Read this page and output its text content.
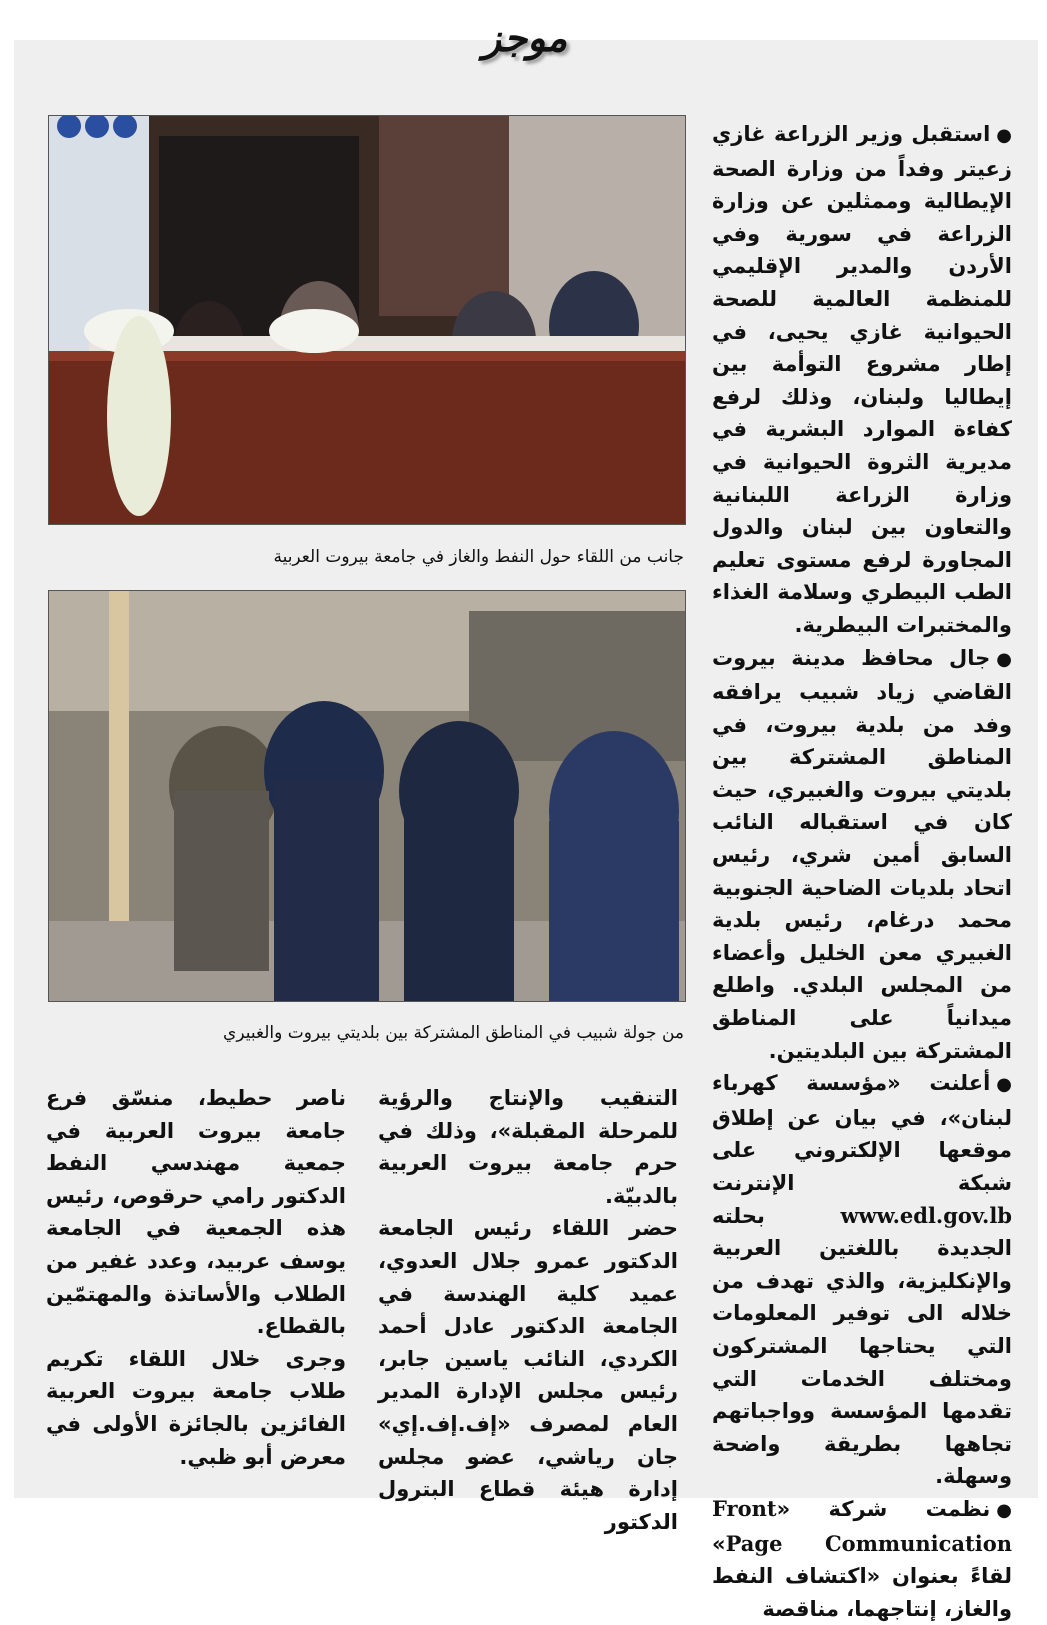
موجز

●استقبل وزير الزراعة غازي زعيتر وفداً من وزارة الصحة الإيطالية وممثلين عن وزارة الزراعة في سورية وفي الأردن والمدير الإقليمي للمنظمة العالمية للصحة الحيوانية غازي يحيى، في إطار مشروع التوأمة بين إيطاليا ولبنان، وذلك لرفع كفاءة الموارد البشرية في مديرية الثروة الحيوانية في وزارة الزراعة اللبنانية والتعاون بين لبنان والدول المجاورة لرفع مستوى تعليم الطب البيطري وسلامة الغذاء والمختبرات البيطرية.

●جال محافظ مدينة بيروت القاضي زياد شبيب يرافقه وفد من بلدية بيروت، في المناطق المشتركة بين بلديتي بيروت والغبيري، حيث كان في استقباله النائب السابق أمين شري، رئيس اتحاد بلديات الضاحية الجنوبية محمد درغام، رئيس بلدية الغبيري معن الخليل وأعضاء من المجلس البلدي. واطلع ميدانياً على المناطق المشتركة بين البلديتين.

●أعلنت «مؤسسة كهرباء لبنان»، في بيان عن إطلاق موقعها الإلكتروني على شبكة الإنترنت www.edl.gov.lb بحلته الجديدة باللغتين العربية والإنكليزية، والذي تهدف من خلاله الى توفير المعلومات التي يحتاجها المشتركون ومختلف الخدمات التي تقدمها المؤسسة وواجباتهم تجاهها بطريقة واضحة وسهلة.

●نظمت شركة «Front Page Communication» لقاءً بعنوان «اكتشاف النفط والغاز، إنتاجهما، مناقصة

جانب من اللقاء حول النفط والغاز في جامعة بيروت العربية
من جولة شبيب في المناطق المشتركة بين بلديتي بيروت والغبيري

التنقيب والإنتاج والرؤية للمرحلة المقبلة»، وذلك في حرم جامعة بيروت العربية بالدبيّة.

حضر اللقاء رئيس الجامعة الدكتور عمرو جلال العدوي، عميد كلية الهندسة في الجامعة الدكتور عادل أحمد الكردي، النائب ياسين جابر، رئيس مجلس الإدارة المدير العام لمصرف «إف.إف.إي» جان رياشي، عضو مجلس إدارة هيئة قطاع البترول الدكتور

ناصر حطيط، منسّق فرع جامعة بيروت العربية في جمعية مهندسي النفط الدكتور رامي حرقوص، رئيس هذه الجمعية في الجامعة يوسف عربيد، وعدد غفير من الطلاب والأساتذة والمهتمّين بالقطاع.

وجرى خلال اللقاء تكريم طلاب جامعة بيروت العربية الفائزين بالجائزة الأولى في معرض أبو ظبي.
